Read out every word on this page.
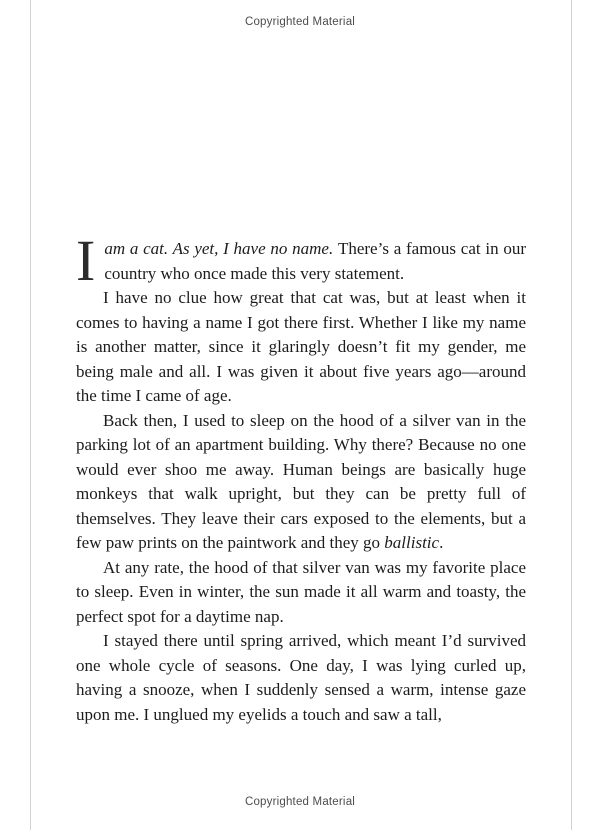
Copyrighted Material

Iam a cat. As yet, I have no name. There’s a famous cat in our country who once made this very statement.

I have no clue how great that cat was, but at least when it comes to having a name I got there first. Whether I like my name is another matter, since it glaringly doesn’t fit my gender, me being male and all. I was given it about five years ago—around the time I came of age.

Back then, I used to sleep on the hood of a silver van in the parking lot of an apartment building. Why there? Because no one would ever shoo me away. Human beings are basically huge monkeys that walk upright, but they can be pretty full of themselves. They leave their cars exposed to the elements, but a few paw prints on the paintwork and they go ballistic.

At any rate, the hood of that silver van was my favorite place to sleep. Even in winter, the sun made it all warm and toasty, the perfect spot for a daytime nap.

I stayed there until spring arrived, which meant I’d survived one whole cycle of seasons. One day, I was lying curled up, having a snooze, when I suddenly sensed a warm, intense gaze upon me. I unglued my eyelids a touch and saw a tall,

Copyrighted Material
